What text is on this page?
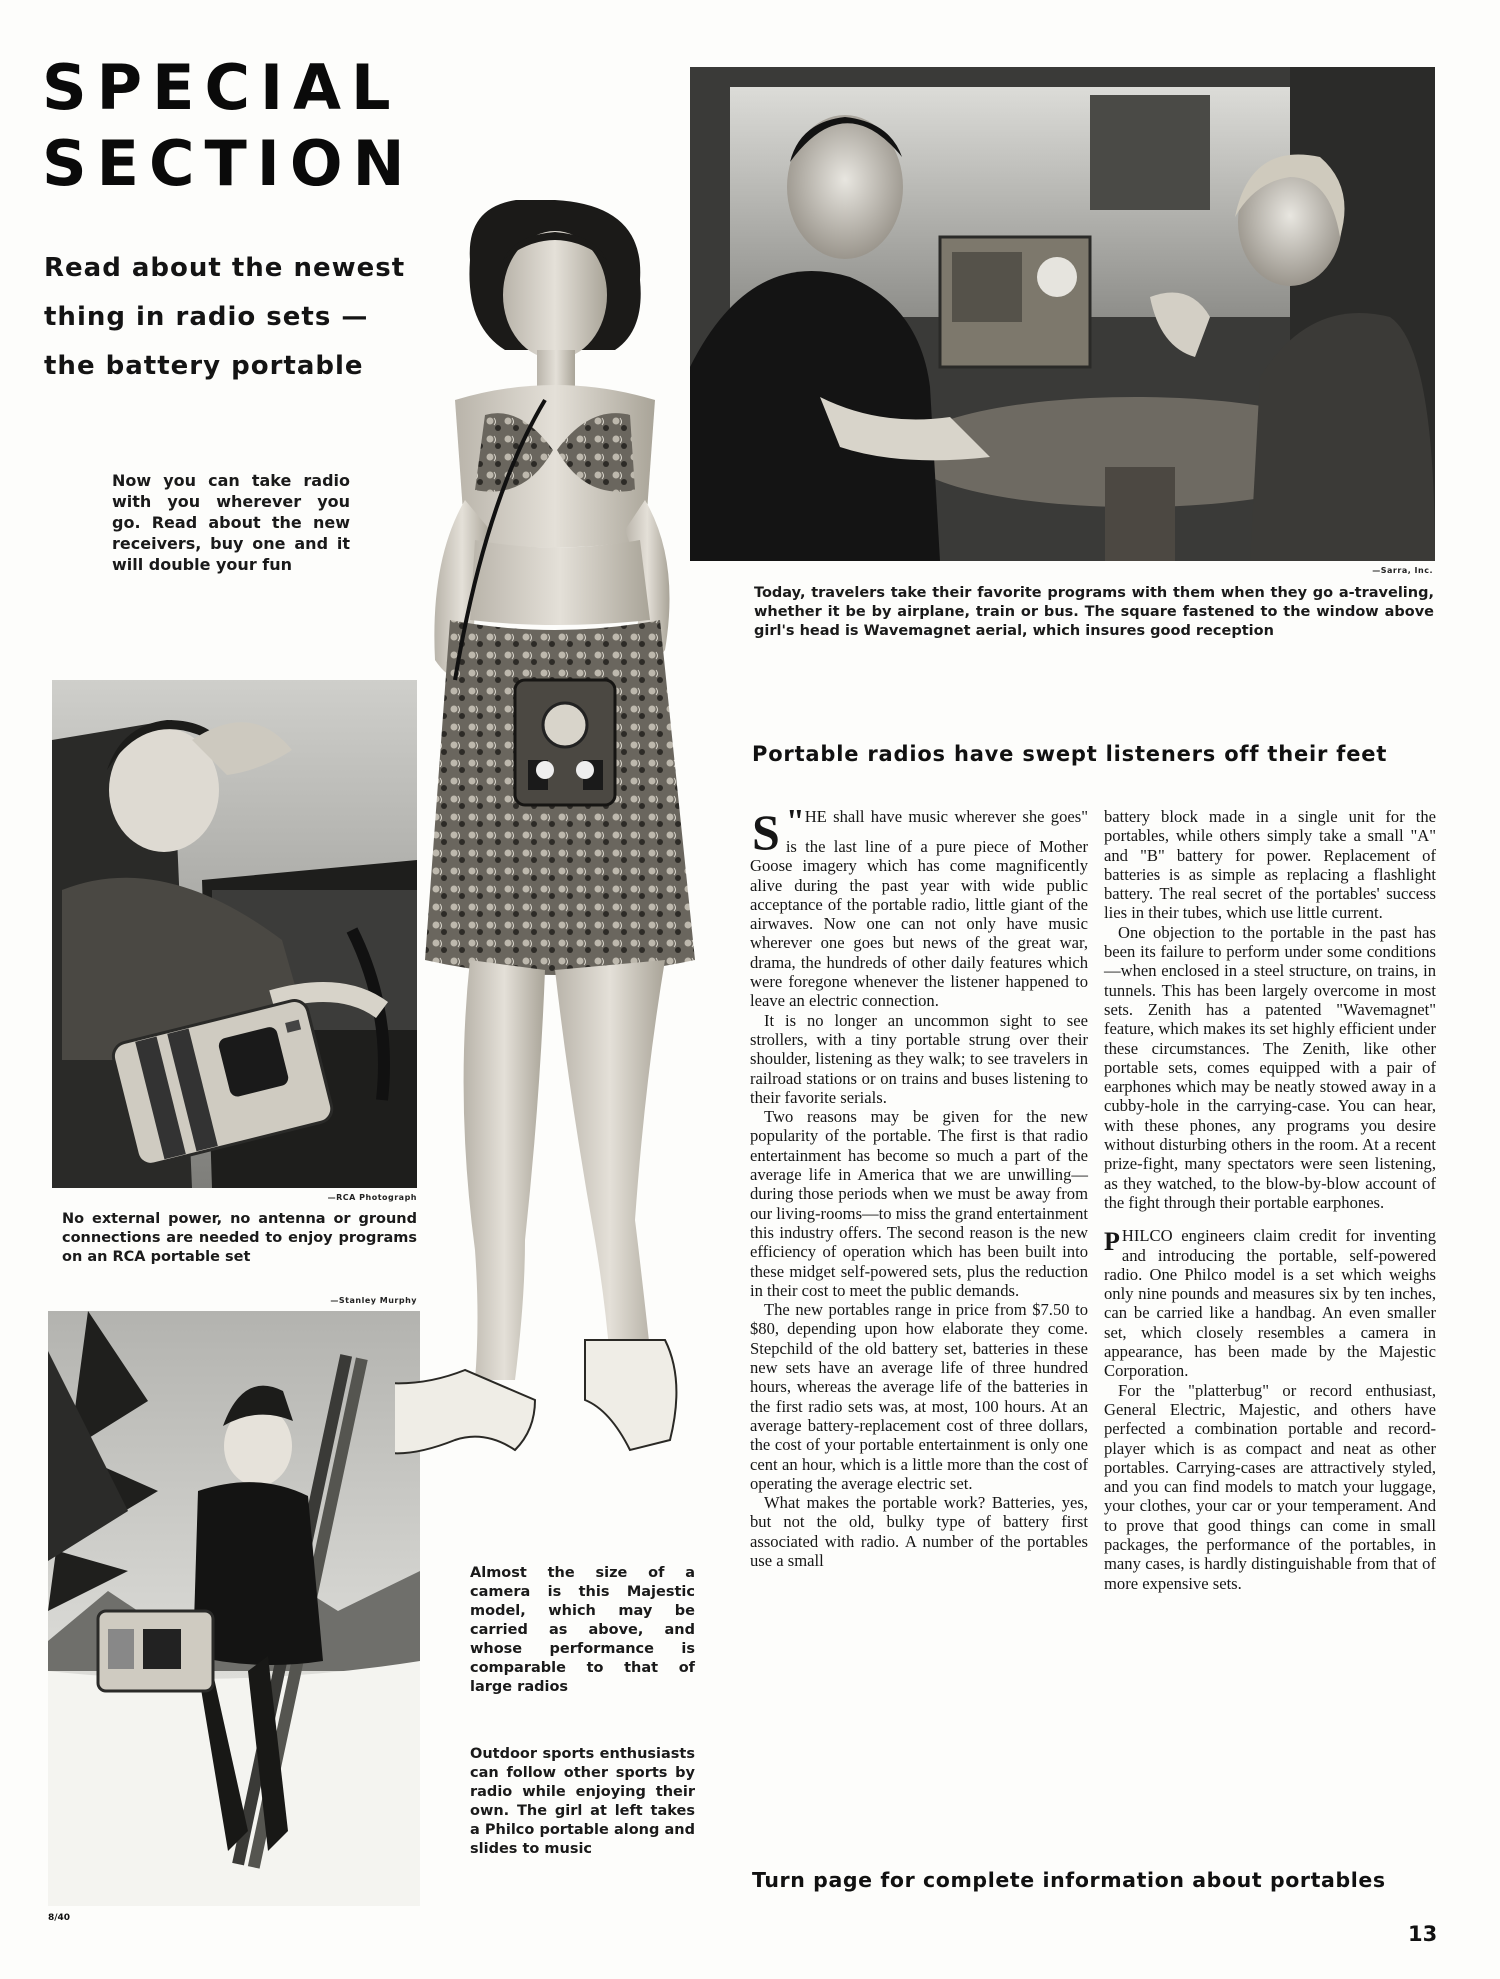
SPECIAL
SECTION
Read about the newest
thing in radio sets —
the battery portable
Now you can take radio with you wherever you go. Read about the new receivers, buy one and it will double your fun	—Sarra, Inc.
Today, travelers take their favorite programs with them when they go a-traveling, whether it be by airplane, train or bus. The square fastened to the window above girl's head is Wavemagnet aerial, which insures good reception
—RCA Photograph
No external power, no antenna or ground connections are needed to enjoy programs on an RCA portable set
—Stanley Murphy
8/40
Almost the size of a camera is this Majestic model, which may be carried as above, and whose performance is comparable to that of large radios
Outdoor sports enthusiasts can follow other sports by radio while enjoying their own. The girl at left takes a Philco portable along and slides to music
Portable radios have swept listeners off their feet

"
S HE shall have music wherever she goes" is the last line of a pure piece of Mother Goose imagery which has come magnificently alive during the past year with wide public acceptance of the portable radio, little giant of the airwaves. Now one can not only have music wherever one goes but news of the great war, drama, the hundreds of other daily features which were foregone whenever the listener happened to leave an electric connection.

It is no longer an uncommon sight to see strollers, with a tiny portable strung over their shoulder, listening as they walk; to see travelers in railroad stations or on trains and buses listening to their favorite serials.

Two reasons may be given for the new popularity of the portable. The first is that radio entertainment has become so much a part of the average life in America that we are unwilling—during those periods when we must be away from our living-rooms—to miss the grand entertainment this industry offers. The second reason is the new efficiency of operation which has been built into these midget self-powered sets, plus the reduction in their cost to meet the public demands.

The new portables range in price from $7.50 to $80, depending upon how elaborate they come. Stepchild of the old battery set, batteries in these new sets have an average life of three hundred hours, whereas the average life of the batteries in the first radio sets was, at most, 100 hours. At an average battery-replacement cost of three dollars, the cost of your portable entertainment is only one cent an hour, which is a little more than the cost of operating the average electric set.

What makes the portable work? Batteries, yes, but not the old, bulky type of battery first associated with radio. A number of the portables use a small

battery block made in a single unit for the portables, while others simply take a small "A" and "B" battery for power. Replacement of batteries is as simple as replacing a flashlight battery. The real secret of the portables' success lies in their tubes, which use little current.

One objection to the portable in the past has been its failure to perform under some conditions—when enclosed in a steel structure, on trains, in tunnels. This has been largely overcome in most sets. Zenith has a patented "Wavemagnet" feature, which makes its set highly efficient under these circumstances. The Zenith, like other portable sets, comes equipped with a pair of earphones which may be neatly stowed away in a cubby-hole in the carrying-case. You can hear, with these phones, any programs you desire without disturbing others in the room. At a recent prize-fight, many spectators were seen listening, as they watched, to the blow-by-blow account of the fight through their portable earphones.

PHILCO engineers claim credit for inventing and introducing the portable, self-powered radio. One Philco model is a set which weighs only nine pounds and measures six by ten inches, can be carried like a handbag. An even smaller set, which closely resembles a camera in appearance, has been made by the Majestic Corporation.

For the "platterbug" or record enthusiast, General Electric, Majestic, and others have perfected a combination portable and record-player which is as compact and neat as other portables. Carrying-cases are attractively styled, and you can find models to match your luggage, your clothes, your car or your temperament. And to prove that good things can come in small packages, the performance of the portables, in many cases, is hardly distinguishable from that of more expensive sets.

Turn page for complete information about portables
13
